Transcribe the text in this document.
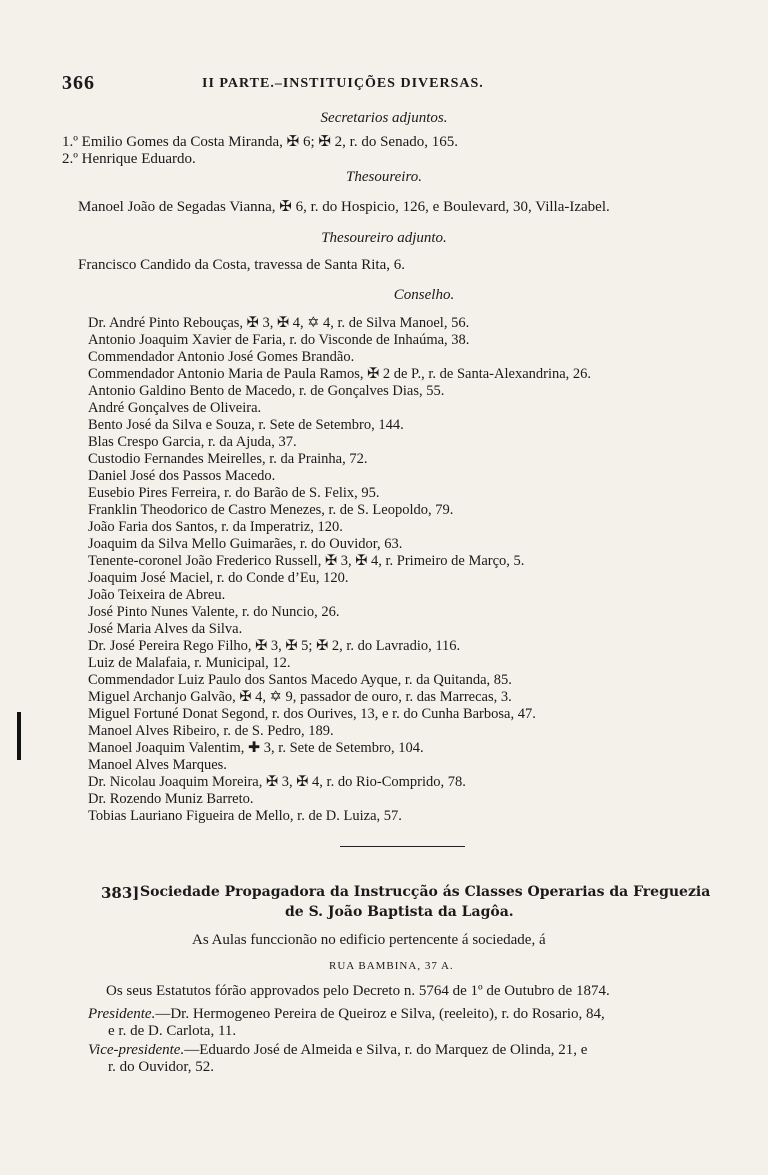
366	II PARTE.–INSTITUIÇÕES DIVERSAS.
Secretarios adjuntos.
1.º Emilio Gomes da Costa Miranda, ✠ 6; ✠ 2, r. do Senado, 165.
2.º Henrique Eduardo.
Thesoureiro.
Manoel João de Segadas Vianna, ✠ 6, r. do Hospicio, 126, e Boulevard, 30, Villa-Izabel.
Thesoureiro adjunto.
Francisco Candido da Costa, travessa de Santa Rita, 6.
Conselho.
Dr. André Pinto Rebouças, ✠ 3, ✠ 4, ✡ 4, r. de Silva Manoel, 56.
Antonio Joaquim Xavier de Faria, r. do Visconde de Inhaúma, 38.
Commendador Antonio José Gomes Brandão.
Commendador Antonio Maria de Paula Ramos, ✠ 2 de P., r. de Santa-Alexandrina, 26.
Antonio Galdino Bento de Macedo, r. de Gonçalves Dias, 55.
André Gonçalves de Oliveira.
Bento José da Silva e Souza, r. Sete de Setembro, 144.
Blas Crespo Garcia, r. da Ajuda, 37.
Custodio Fernandes Meirelles, r. da Prainha, 72.
Daniel José dos Passos Macedo.
Eusebio Pires Ferreira, r. do Barão de S. Felix, 95.
Franklin Theodorico de Castro Menezes, r. de S. Leopoldo, 79.
João Faria dos Santos, r. da Imperatriz, 120.
Joaquim da Silva Mello Guimarães, r. do Ouvidor, 63.
Tenente-coronel João Frederico Russell, ✠ 3, ✠ 4, r. Primeiro de Março, 5.
Joaquim José Maciel, r. do Conde d’Eu, 120.
João Teixeira de Abreu.
José Pinto Nunes Valente, r. do Nuncio, 26.
José Maria Alves da Silva.
Dr. José Pereira Rego Filho, ✠ 3, ✠ 5; ✠ 2, r. do Lavradio, 116.
Luiz de Malafaia, r. Municipal, 12.
Commendador Luiz Paulo dos Santos Macedo Ayque, r. da Quitanda, 85.
Miguel Archanjo Galvão, ✠ 4, ✡ 9, passador de ouro, r. das Marrecas, 3.
Miguel Fortuné Donat Segond, r. dos Ourives, 13, e r. do Cunha Barbosa, 47.
Manoel Alves Ribeiro, r. de S. Pedro, 189.
Manoel Joaquim Valentim, ✚ 3, r. Sete de Setembro, 104.
Manoel Alves Marques.
Dr. Nicolau Joaquim Moreira, ✠ 3, ✠ 4, r. do Rio-Comprido, 78.
Dr. Rozendo Muniz Barreto.
Tobias Lauriano Figueira de Mello, r. de D. Luiza, 57.
383] Sociedade Propagadora da Instrucção ás Classes Operarias da Freguezia
de S. João Baptista da Lagôa.
As Aulas funccionão no edificio pertencente á sociedade, á
RUA BAMBINA, 37 A.
Os seus Estatutos fórão approvados pelo Decreto n. 5764 de 1º de Outubro de 1874.
Presidente.—Dr. Hermogeneo Pereira de Queiroz e Silva, (reeleito), r. do Rosario, 84,
e r. de D. Carlota, 11.
Vice-presidente.—Eduardo José de Almeida e Silva, r. do Marquez de Olinda, 21, e
r. do Ouvidor, 52.
